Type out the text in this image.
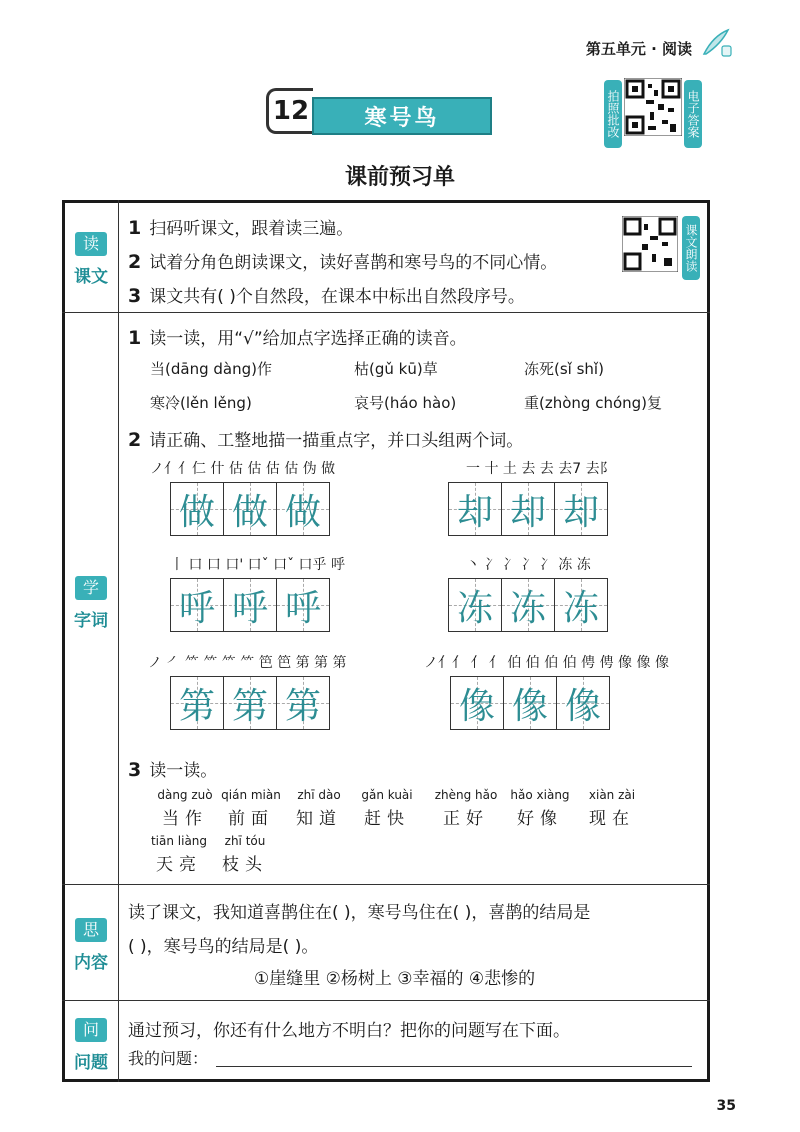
第五单元 · 阅读
12	寒号鸟	拍照批改	电子答案
课前预习单
读
课文
1 扫码听课文，跟着读三遍。
2 试着分角色朗读课文，读好喜鹊和寒号鸟的不同心情。
3 课文共有( )个自然段，在课本中标出自然段序号。
课文朗读
学
字词
1 读一读，用“√”给加点字选择正确的读音。
当(dāng dàng)作	枯(gǔ kū)草	冻死(sǐ shǐ)
寒冷(lěn lěng)	哀号(háo hào)	重(zhòng chóng)复
2 请正确、工整地描一描重点字，并口头组两个词。
ノ亻亻仁 什 估 估 估 估 伪 做
做 做 做
一 十 土 去 去 去7 去阝
却 却 却
丨 口 口 口' 口ˇ 口ˇ 口乎 呼
呼 呼 呼
丶 冫 冫 冫 冫 冻 冻
冻 冻 冻
ノ ㇒ ⺮ ⺮ ⺮ ⺮ 笆 笆 第 第 第
第 第 第
ノ亻亻 亻 亻 伯 伯 伯 伯 俜 俜 像 像 像
像 像 像
3 读一读。
dàng zuò
当作
qián miàn
前面
zhī dào
知道
gǎn kuài
赶快
zhèng hǎo
正好
hǎo xiàng
好像
xiàn zài
现在
tiān liàng
天亮
zhī tóu
枝头
思
内容
读了课文，我知道喜鹊住在( )，寒号鸟住在( )，喜鹊的结局是
( )，寒号鸟的结局是( )。
①崖缝里 ②杨树上 ③幸福的 ④悲惨的
问
问题
通过预习，你还有什么地方不明白？把你的问题写在下面。
我的问题：
35
